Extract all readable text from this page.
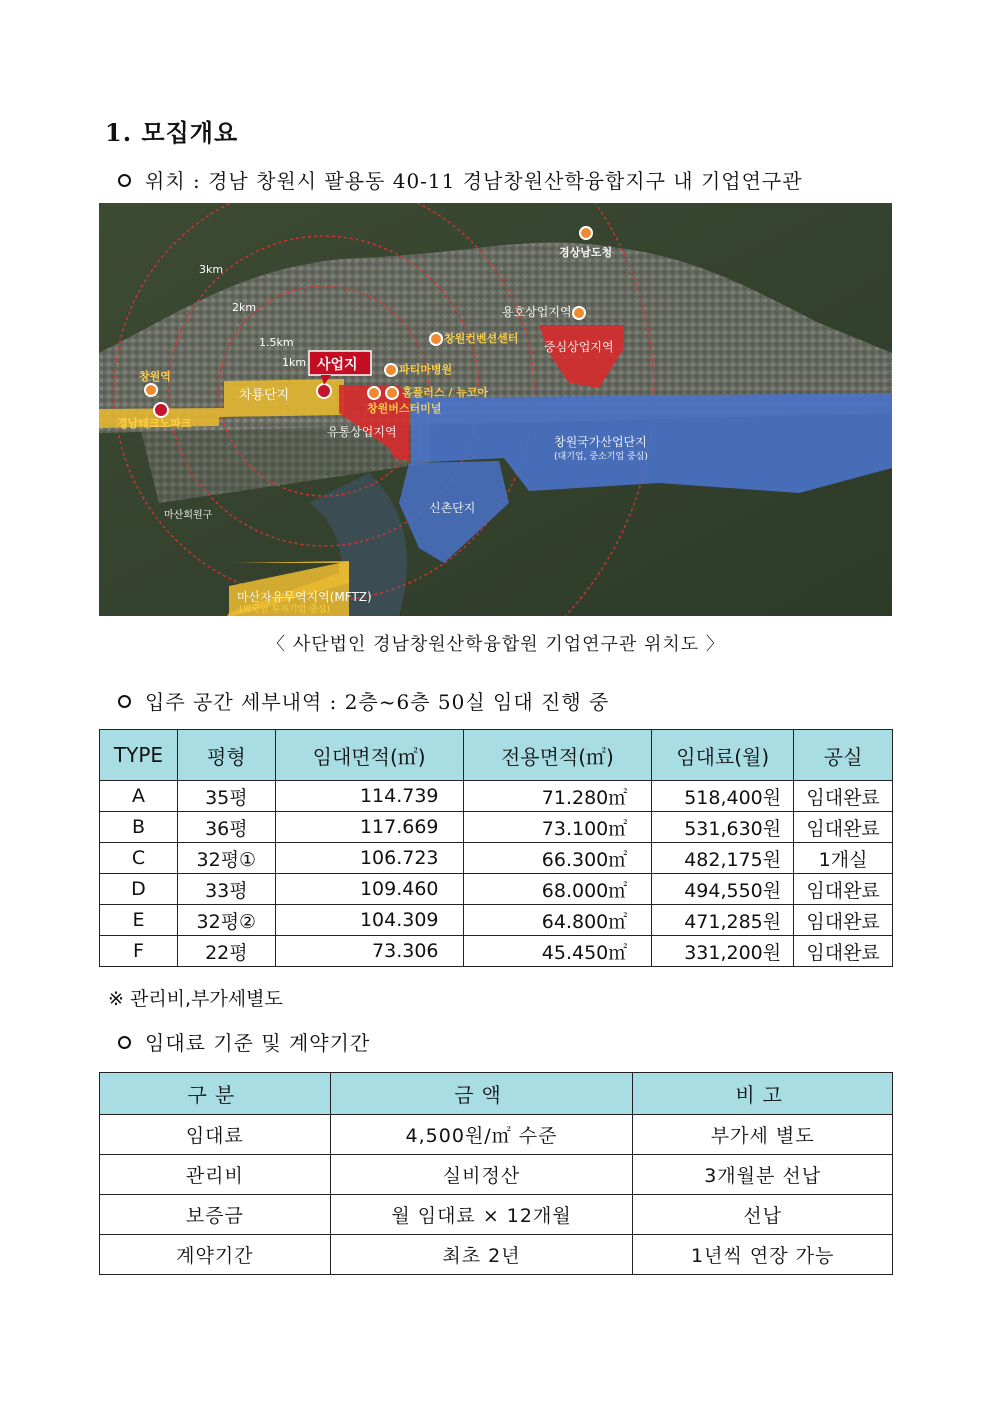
1. 모집개요
위치 : 경남 창원시 팔용동 40-11 경남창원산학융합지구 내 기업연구관
사업지
3km
2km
1.5km
1km
창원역
경남테크노파크
차룡단지
창원컨벤션센터
파티마병원
홈플러스 / 뉴코아
창원버스터미널
유통상업지역
중심상업지역
경상남도청
용호상업지역
창원국가산업단지
(대기업, 중소기업 중심)
신촌단지
마산자유무역지역(MFTZ)
(외국인 투자기업 중심)
마산회원구
〈 사단법인 경남창원산학융합원 기업연구관 위치도 〉
입주 공간 세부내역 : 2층~6층 50실 임대 진행 중
TYPE	평형	임대면적(㎡)	전용면적(㎡)	임대료(월)	공실
A	35평	114.739	71.280㎡	518,400원	임대완료
B	36평	117.669	73.100㎡	531,630원	임대완료
C	32평①	106.723	66.300㎡	482,175원	1개실
D	33평	109.460	68.000㎡	494,550원	임대완료
E	32평②	104.309	64.800㎡	471,285원	임대완료
F	22평	73.306	45.450㎡	331,200원	임대완료
※ 관리비,부가세별도
임대료 기준 및 계약기간
구분	금액	비고
임대료	4,500원/㎡ 수준	부가세 별도
관리비	실비정산	3개월분 선납
보증금	월 임대료 × 12개월	선납
계약기간	최초 2년	1년씩 연장 가능
